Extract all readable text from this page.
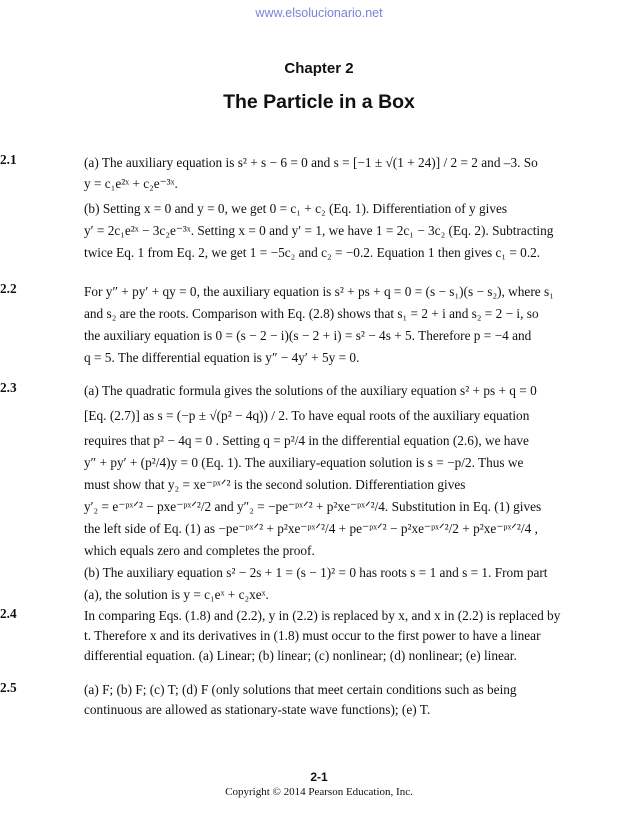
www.elsolucionario.net
Chapter 2
The Particle in a Box
2.1	(a) The auxiliary equation is s² + s − 6 = 0 and s = [−1 ± √(1 + 24)] / 2 = 2 and –3. So
y = c₁e²ˣ + c₂e⁻³ˣ.
(b) Setting x = 0 and y = 0, we get 0 = c₁ + c₂ (Eq. 1). Differentiation of y gives
y′ = 2c₁e²ˣ − 3c₂e⁻³ˣ. Setting x = 0 and y′ = 1, we have 1 = 2c₁ − 3c₂ (Eq. 2). Subtracting
twice Eq. 1 from Eq. 2, we get 1 = −5c₂ and c₂ = −0.2. Equation 1 then gives c₁ = 0.2.
2.2	For y″ + py′ + qy = 0, the auxiliary equation is s² + ps + q = 0 = (s − s₁)(s − s₂), where s₁
and s₂ are the roots. Comparison with Eq. (2.8) shows that s₁ = 2 + i and s₂ = 2 − i, so
the auxiliary equation is 0 = (s − 2 − i)(s − 2 + i) = s² − 4s + 5. Therefore p = −4 and
q = 5. The differential equation is y″ − 4y′ + 5y = 0.
2.3	(a) The quadratic formula gives the solutions of the auxiliary equation s² + ps + q = 0
[Eq. (2.7)] as s = (−p ± √(p² − 4q)) / 2. To have equal roots of the auxiliary equation
requires that p² − 4q = 0 . Setting q = p²/4 in the differential equation (2.6), we have
y″ + py′ + (p²/4)y = 0 (Eq. 1). The auxiliary-equation solution is s = −p/2. Thus we
must show that y₂ = xe⁻ᵖˣᐟ² is the second solution. Differentiation gives
y′₂ = e⁻ᵖˣᐟ² − pxe⁻ᵖˣᐟ²/2 and y″₂ = −pe⁻ᵖˣᐟ² + p²xe⁻ᵖˣᐟ²/4. Substitution in Eq. (1) gives
the left side of Eq. (1) as −pe⁻ᵖˣᐟ² + p²xe⁻ᵖˣᐟ²/4 + pe⁻ᵖˣᐟ² − p²xe⁻ᵖˣᐟ²/2 + p²xe⁻ᵖˣᐟ²/4 ,
which equals zero and completes the proof.
(b) The auxiliary equation s² − 2s + 1 = (s − 1)² = 0 has roots s = 1 and s = 1. From part
(a), the solution is y = c₁eˣ + c₂xeˣ.
2.4	In comparing Eqs. (1.8) and (2.2), y in (2.2) is replaced by x, and x in (2.2) is replaced by
t. Therefore x and its derivatives in (1.8) must occur to the first power to have a linear
differential equation. (a) Linear; (b) linear; (c) nonlinear; (d) nonlinear; (e) linear.
2.5	(a) F; (b) F; (c) T; (d) F (only solutions that meet certain conditions such as being
continuous are allowed as stationary-state wave functions); (e) T.
2-1
Copyright © 2014 Pearson Education, Inc.
